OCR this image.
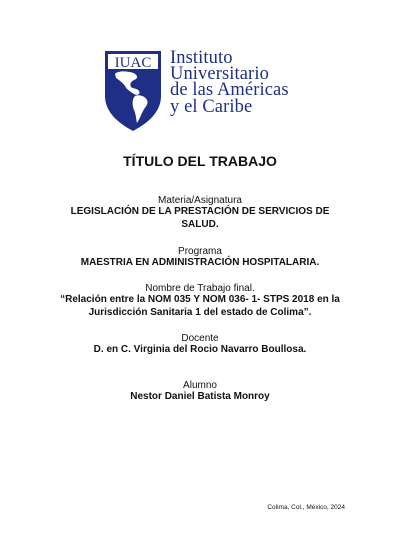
IUAC Instituto
Universitario
de las Américas
y el Caribe
TÍTULO DEL TRABAJO
Materia/Asignatura
LEGISLACIÓN DE LA PRESTACIÓN DE SERVICIOS DE
SALUD.
Programa
MAESTRIA EN ADMINISTRACIÓN HOSPITALARIA.
Nombre de Trabajo final.
“Relación entre la NOM 035 Y NOM 036- 1- STPS 2018 en la
Jurisdicción Sanitaria 1 del estado de Colima”.
Docente
D. en C. Virginia del Rocio Navarro Boullosa.
Alumno
Nestor Daniel Batista Monroy
Colima, Col., México, 2024
